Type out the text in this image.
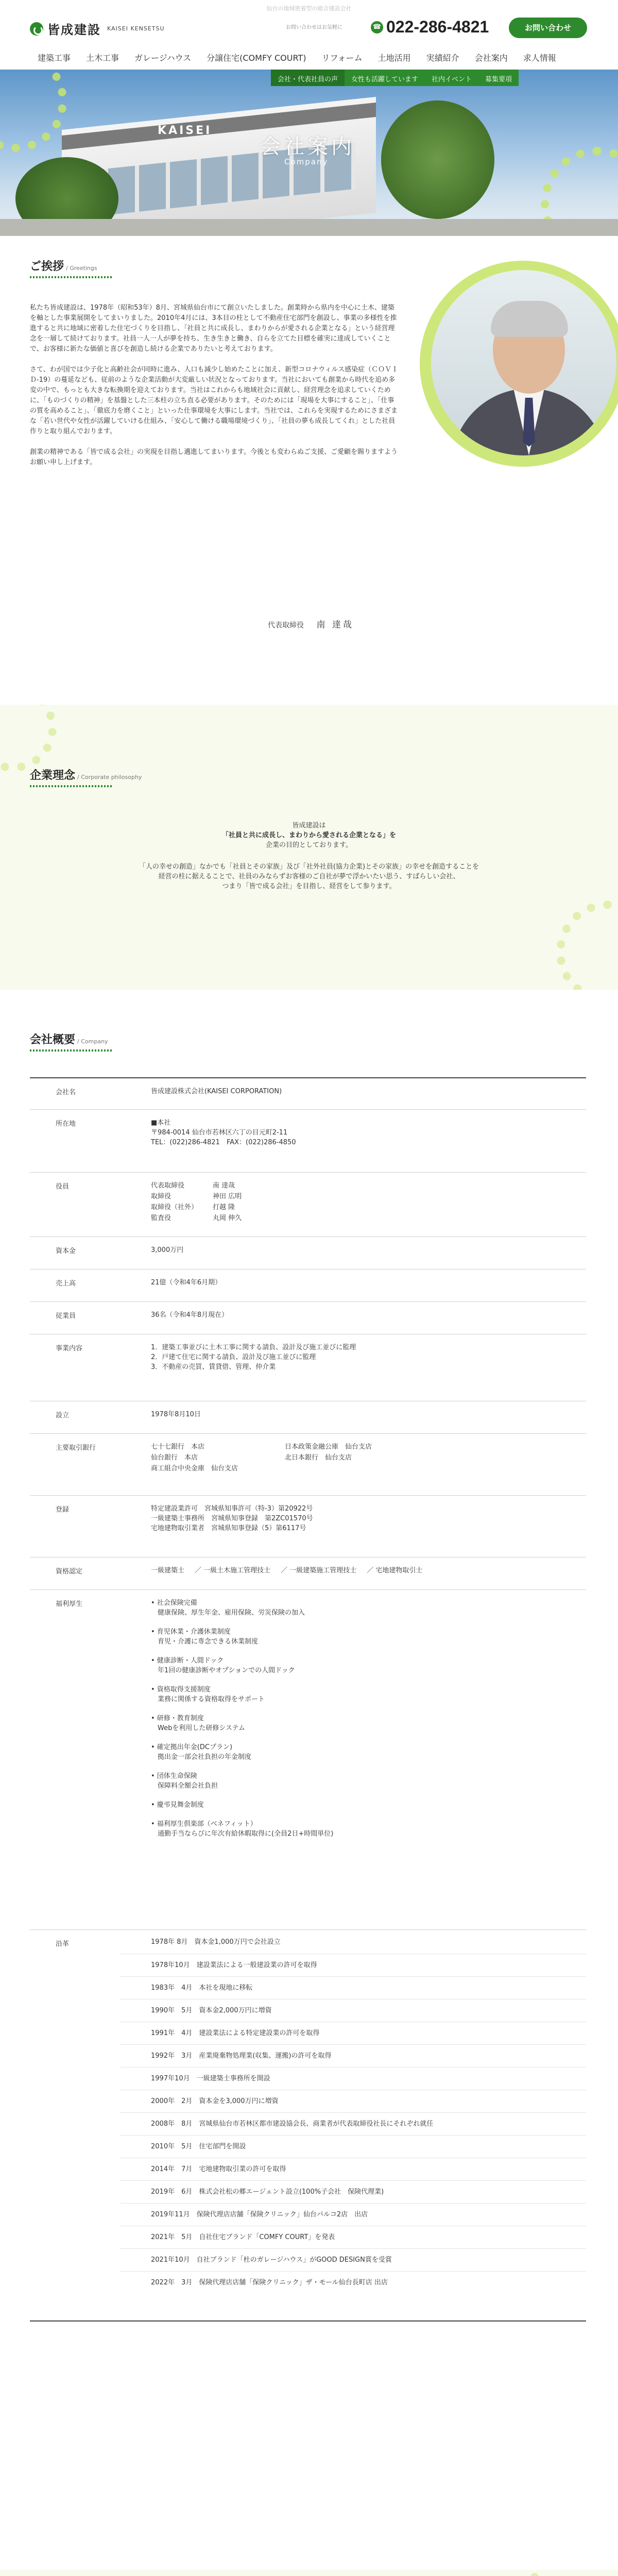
仙台の地域密着型の総合建設会社
皆成建設 KAISEI KENSETSU	お問い合わせはお気軽に	☎ 022-286-4821	お問い合わせ
建築工事	土木工事	ガレージハウス	分譲住宅(COMFY COURT)	リフォーム	土地活用	実績紹介	会社案内	求人情報
会社・代表社員の声	女性も活躍しています	社内イベント	募集要項
KAISEI
会社案内
Company
ご挨拶 / Greetings

私たち皆成建設は、1978年（昭和53年）8月、宮城県仙台市にて創立いたしました。創業時から県内を中心に土木、建築を軸とした事業展開をしてまいりました。2010年4月には、3本目の柱として不動産住宅部門を創設し、事業の多様性を推進すると共に地域に密着した住宅づくりを目指し、「社員と共に成長し、まわりからが愛される企業となる」という経営理念を一層して続けております。社員一人一人が夢を持ち、生き生きと働き、自らを立てた目標を確実に達成していくことで、お客様に新たな価値と喜びを創造し続ける企業でありたいと考えております。

さて、わが国では少子化と高齢社会が同時に進み、人口も減少し始めたことに加え、新型コロナウィルス感染症（ＣＯＶＩＤ-19）の蔓延なども、従前のような企業活動が大変厳しい状況となっております。当社においても創業から時代を追め多変の中で、もっとも大きな転換期を迎えております。当社はこれからも地域社会に貢献し、経営理念を追求していくために、「ものづくりの精神」を基盤とした三本柱の立ち直る必要があります。そのためには「現場を大事にすること」、「仕事の質を高めること」、「徹底力を磨くこと」といった仕事環境を大事にします。当社では、これらを実現するためにさまざまな「若い世代や女性が活躍していける仕組み、「安心して働ける職場環境づくり」、「社員の夢も成長してくれ」とした社員作りと取り組んでおります。

創業の精神である「皆で成る会社」の実現を目指し邁進してまいります。今後とも変わらぬご支援、ご愛顧を賜りますようお願い申し上げます。

代表取締役 南 達哉
企業理念 / Corporate philosophy
皆成建設は
「社員と共に成長し、まわりから愛される企業となる」を
企業の目的としております。
「人の幸せの創造」なかでも「社員とその家族」及び「社外社員(協力企業)とその家族」の幸せを創造することを
経営の柱に据えることで、社員のみならずお客様のご自社が夢で浮かいたい思う、すばらしい会社、
つまり「皆で成る会社」を目指し、経営をして参ります。
会社概要 / Company
会社名	皆成建設株式会社(KAISEI CORPORATION)
所在地	■本社
〒984-0014 仙台市若林区六丁の目元町2-11
TEL：(022)286-4821　FAX：(022)286-4850
役員	代表取締役	南 達哉
取締役	神田 広明
取締役（社外）	打越 隆
監査役	丸岡 伸久
資本金	3,000万円
売上高	21億（令和4年6月期）
従業員	36名（令和4年8月現在）
事業内容	1．建築工事並びに土木工事に関する請負、設計及び施工並びに監理
2．戸建て住宅に関する請負、設計及び施工並びに監理
3．不動産の売買、賃貸借、管理、仲介業
設立	1978年8月10日
主要取引銀行	七十七銀行　本店	日本政策金融公庫　仙台支店
仙台銀行　本店	北日本銀行　仙台支店
商工組合中央金庫　仙台支店
登録	特定建設業許可　宮城県知事許可（特-3）第20922号
一級建築士事務所　宮城県知事登録　第2ZC01570号
宅地建物取引業者　宮城県知事登録（5）第6117号
資格認定	一級建築士 ／ 一級土木施工管理技士 ／ 一級建築施工管理技士 ／ 宅地建物取引士
福利厚生	• 社会保険完備
　健康保険、厚生年金、雇用保険、労災保険の加入
• 育児休業・介護休業制度
　育児・介護に専念できる休業制度
• 健康診断・人間ドック
　年1回の健康診断やオプションでの人間ドック
• 資格取得支援制度
　業務に関係する資格取得をサポート
• 研修・教育制度
　Webを利用した研修システム
• 確定拠出年金(DCプラン)
　拠出金一部会社負担の年金制度
• 団体生命保険
　保障料全額会社負担
• 慶弔見舞金制度
• 福利厚生倶楽部（ベネフィット）
　通勤手当ならびに年次有給休暇取得に(全員2日+時間単位)
沿革	1978年 8月　資本金1,000万円で会社設立
1978年10月　建設業法による一般建設業の許可を取得
1983年　4月　本社を現地に移転
1990年　5月　資本金2,000万円に増資
1991年　4月　建設業法による特定建設業の許可を取得
1992年　3月　産業廃棄物処理業(収集、運搬)の許可を取得
1997年10月　一級建築士事務所を開設
2000年　2月　資本金を3,000万円に増資
2008年　8月　宮城県仙台市若林区都市建設協会長、商業者が代表取締役社長にそれぞれ就任
2010年　5月　住宅部門を開設
2014年　7月　宅地建物取引業の許可を取得
2019年　6月　株式会社松の郷エージェント設立(100%子会社　保険代理業)
2019年11月　保険代理店店舗「保険クリニック」仙台パルコ2店　出店
2021年　5月　自社住宅ブランド「COMFY COURT」を発表
2021年10月　自社ブランド「杜のガレージハウス」がGOOD DESIGN賞を受賞
2022年　3月　保険代理店店舗「保険クリニック」ザ・モール仙台長町店 出店
